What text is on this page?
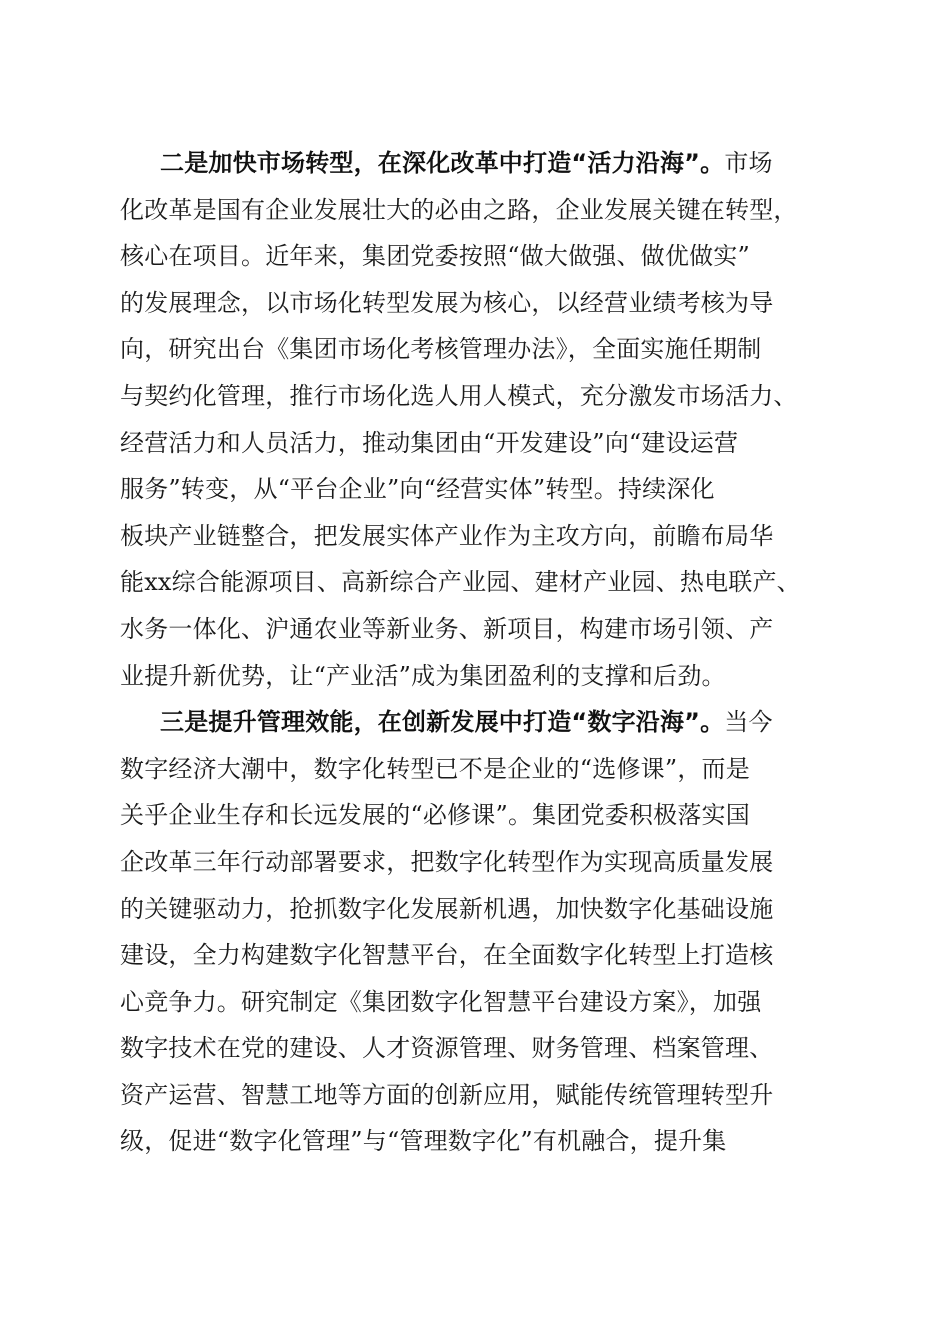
二是加快市场转型，在深化改革中打造“活力沿海”。市场
化改革是国有企业发展壮大的必由之路，企业发展关键在转型，
核心在项目。近年来，集团党委按照“做大做强、做优做实”
的发展理念，以市场化转型发展为核心，以经营业绩考核为导
向，研究出台《集团市场化考核管理办法》，全面实施任期制
与契约化管理，推行市场化选人用人模式，充分激发市场活力、
经营活力和人员活力，推动集团由“开发建设”向“建设运营
服务”转变，从“平台企业”向“经营实体”转型。持续深化
板块产业链整合，把发展实体产业作为主攻方向，前瞻布局华
能xx综合能源项目、高新综合产业园、建材产业园、热电联产、
水务一体化、沪通农业等新业务、新项目，构建市场引领、产
业提升新优势，让“产业活”成为集团盈利的支撑和后劲。
三是提升管理效能，在创新发展中打造“数字沿海”。当今
数字经济大潮中，数字化转型已不是企业的“选修课”，而是
关乎企业生存和长远发展的“必修课”。集团党委积极落实国
企改革三年行动部署要求，把数字化转型作为实现高质量发展
的关键驱动力，抢抓数字化发展新机遇，加快数字化基础设施
建设，全力构建数字化智慧平台，在全面数字化转型上打造核
心竞争力。研究制定《集团数字化智慧平台建设方案》，加强
数字技术在党的建设、人才资源管理、财务管理、档案管理、
资产运营、智慧工地等方面的创新应用，赋能传统管理转型升
级，促进“数字化管理”与“管理数字化”有机融合，提升集
